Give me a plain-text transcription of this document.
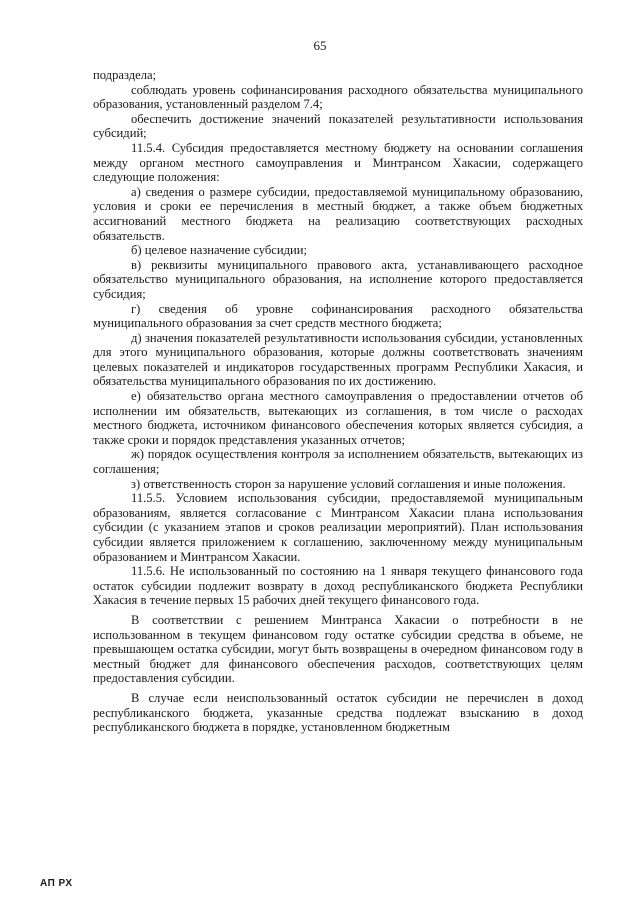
65

подраздела;

соблюдать уровень софинансирования расходного обязательства муниципального образования, установленный разделом 7.4;

обеспечить достижение значений показателей результативности использования субсидий;

11.5.4. Субсидия предоставляется местному бюджету на основании соглашения между органом местного самоуправления и Минтрансом Хакасии, содержащего следующие положения:

а) сведения о размере субсидии, предоставляемой муниципальному образованию, условия и сроки ее перечисления в местный бюджет, а также объем бюджетных ассигнований местного бюджета на реализацию соответствующих расходных обязательств.

б) целевое назначение субсидии;

в) реквизиты муниципального правового акта, устанавливающего расходное обязательство муниципального образования, на исполнение которого предоставляется субсидия;

г) сведения об уровне софинансирования расходного обязательства муниципального образования за счет средств местного бюджета;

д) значения показателей результативности использования субсидии, установленных для этого муниципального образования, которые должны соответствовать значениям целевых показателей и индикаторов государственных программ Республики Хакасия, и обязательства муниципального образования по их достижению.

е) обязательство органа местного самоуправления о предоставлении отчетов об исполнении им обязательств, вытекающих из соглашения, в том числе о расходах местного бюджета, источником финансового обеспечения которых является субсидия, а также сроки и порядок представления указанных отчетов;

ж) порядок осуществления контроля за исполнением обязательств, вытекающих из соглашения;

з) ответственность сторон за нарушение условий соглашения и иные положения.

11.5.5. Условием использования субсидии, предоставляемой муниципальным образованиям, является согласование с Минтрансом Хакасии плана использования субсидии (с указанием этапов и сроков реализации мероприятий). План использования субсидии является приложением к соглашению, заключенному между муниципальным образованием и Минтрансом Хакасии.

11.5.6. Не использованный по состоянию на 1 января текущего финансового года остаток субсидии подлежит возврату в доход республиканского бюджета Республики Хакасия в течение первых 15 рабочих дней текущего финансового года.

В соответствии с решением Минтранса Хакасии о потребности в не использованном в текущем финансовом году остатке субсидии средства в объеме, не превышающем остатка субсидии, могут быть возвращены в очередном финансовом году в местный бюджет для финансового обеспечения расходов, соответствующих целям предоставления субсидии.

В случае если неиспользованный остаток субсидии не перечислен в доход республиканского бюджета, указанные средства подлежат взысканию в доход республиканского бюджета в порядке, установленном бюджетным

АП РХ
